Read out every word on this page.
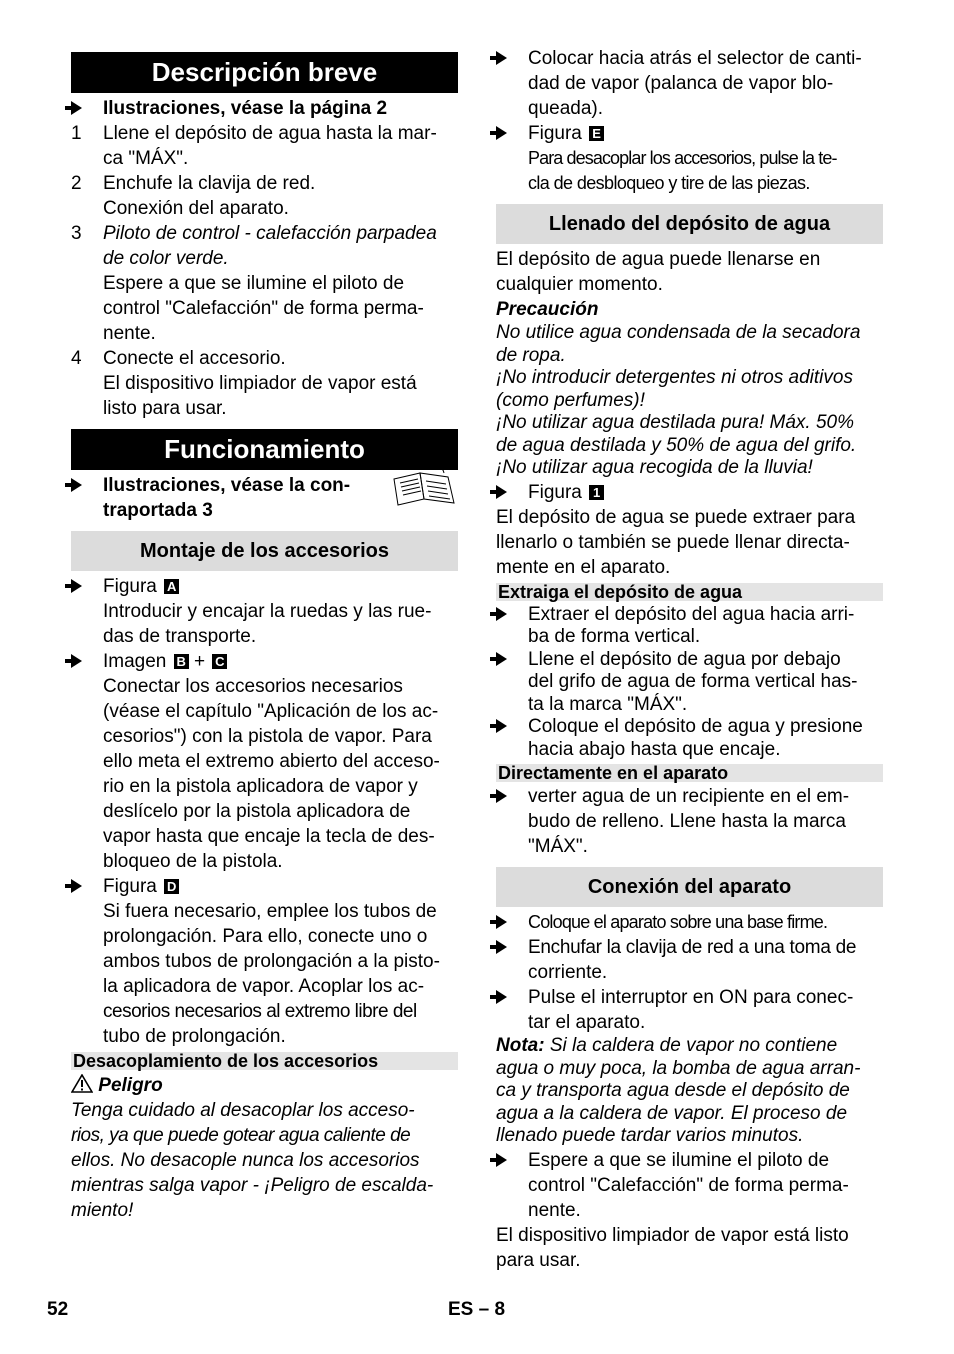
Descripción breve
Ilustraciones, véase la página 2
1	Llene el depósito de agua hasta la mar-
ca "MÁX".
2	Enchufe la clavija de red.
Conexión del aparato.
3	Piloto de control - calefacción parpadea
de color verde.
Espere a que se ilumine el piloto de
control "Calefacción" de forma perma-
nente.
4	Conecte el accesorio.
El dispositivo limpiador de vapor está
listo para usar.
Funcionamiento
Ilustraciones, véase la con-
traportada 3
Montaje de los accesorios
Figura A
Introducir y encajar la ruedas y las rue-
das de transporte.
Imagen B + C
Conectar los accesorios necesarios
(véase el capítulo "Aplicación de los ac-
cesorios") con la pistola de vapor. Para
ello meta el extremo abierto del acceso-
rio en la pistola aplicadora de vapor y
deslícelo por la pistola aplicadora de
vapor hasta que encaje la tecla de des-
bloqueo de la pistola.
Figura D
Si fuera necesario, emplee los tubos de
prolongación. Para ello, conecte uno o
ambos tubos de prolongación a la pisto-
la aplicadora de vapor. Acoplar los ac-
cesorios necesarios al extremo libre del
tubo de prolongación.
Desacoplamiento de los accesorios
Peligro
Tenga cuidado al desacoplar los acceso-
rios, ya que puede gotear agua caliente de
ellos. No desacople nunca los accesorios
mientras salga vapor - ¡Peligro de escalda-
miento!
Colocar hacia atrás el selector de canti-
dad de vapor (palanca de vapor blo-
queada).
Figura E
Para desacoplar los accesorios, pulse la te-
cla de desbloqueo y tire de las piezas.
Llenado del depósito de agua
El depósito de agua puede llenarse en
cualquier momento.
Precaución
No utilice agua condensada de la secadora
de ropa.
¡No introducir detergentes ni otros aditivos
(como perfumes)!
¡No utilizar agua destilada pura! Máx. 50%
de agua destilada y 50% de agua del grifo.
¡No utilizar agua recogida de la lluvia!
Figura 1
El depósito de agua se puede extraer para
llenarlo o también se puede llenar directa-
mente en el aparato.
Extraiga el depósito de agua
Extraer el depósito del agua hacia arri-
ba de forma vertical.
Llene el depósito de agua por debajo
del grifo de agua de forma vertical has-
ta la marca "MÁX".
Coloque el depósito de agua y presione
hacia abajo hasta que encaje.
Directamente en el aparato
verter agua de un recipiente en el em-
budo de relleno. Llene hasta la marca
"MÁX".
Conexión del aparato
Coloque el aparato sobre una base firme.
Enchufar la clavija de red a una toma de
corriente.
Pulse el interruptor en ON para conec-
tar el aparato.
Nota: Si la caldera de vapor no contiene
agua o muy poca, la bomba de agua arran-
ca y transporta agua desde el depósito de
agua a la caldera de vapor. El proceso de
llenado puede tardar varios minutos.
Espere a que se ilumine el piloto de
control "Calefacción" de forma perma-
nente.
El dispositivo limpiador de vapor está listo
para usar.
52	ES – 8
